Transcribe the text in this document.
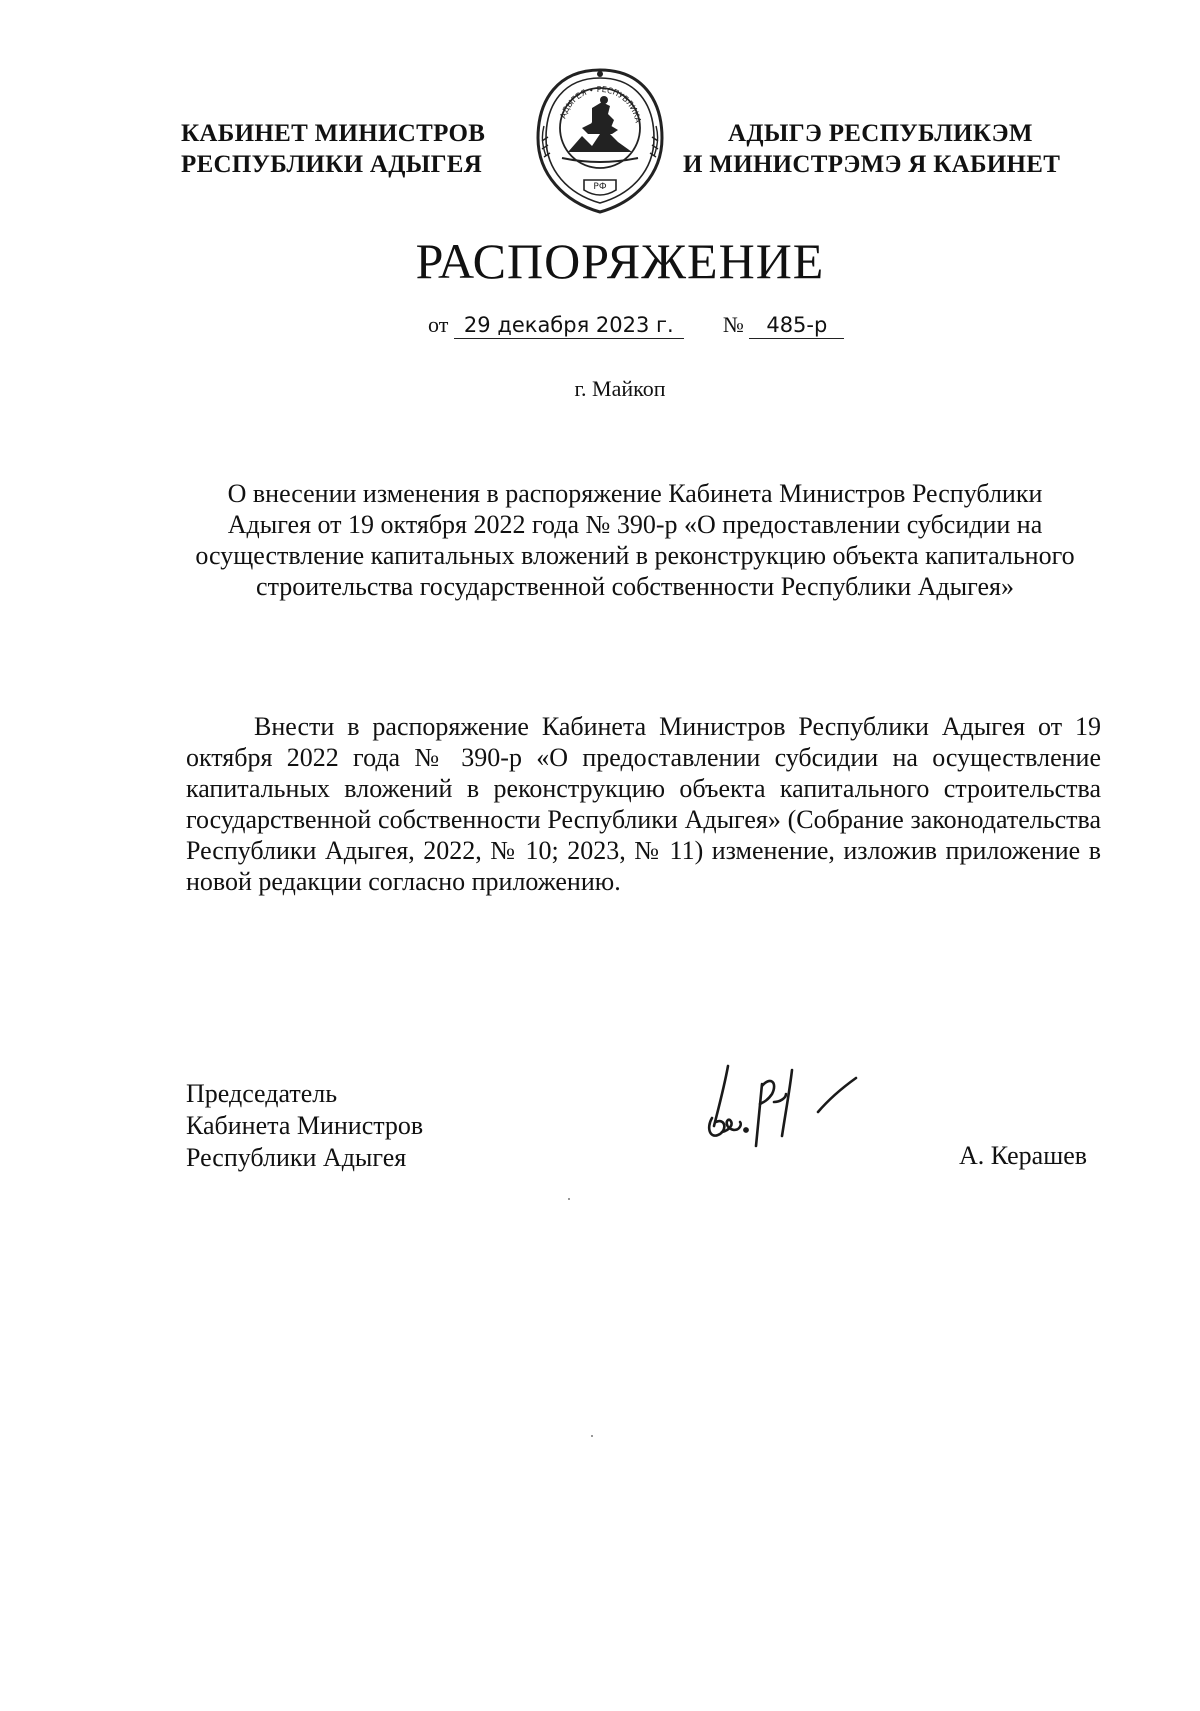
КАБИНЕТ МИНИСТРОВ
РЕСПУБЛИКИ АДЫГЕЯ
АДЫГЕЯ • РЕСПУБЛИКА
РФ
АДЫГЭ РЕСПУБЛИКЭМ
И МИНИСТРЭМЭ Я КАБИНЕТ
РАСПОРЯЖЕНИЕ
от 29 декабря 2023 г. № 485-р
г. Майкоп
О внесении изменения в распоряжение Кабинета Министров Республики Адыгея от 19 октября 2022 года № 390-р «О предоставлении субсидии на осуществление капитальных вложений в реконструкцию объекта капитального строительства государственной собственности Республики Адыгея»
Внести в распоряжение Кабинета Министров Республики Адыгея от 19 октября 2022 года № 390-р «О предоставлении субсидии на осуществление капитальных вложений в реконструкцию объекта капитального строительства государственной собственности Республики Адыгея» (Собрание законодательства Республики Адыгея, 2022, № 10; 2023, № 11) изменение, изложив приложение в новой редакции согласно приложению.
Председатель
Кабинета Министров
Республики Адыгея	А. Керашев
